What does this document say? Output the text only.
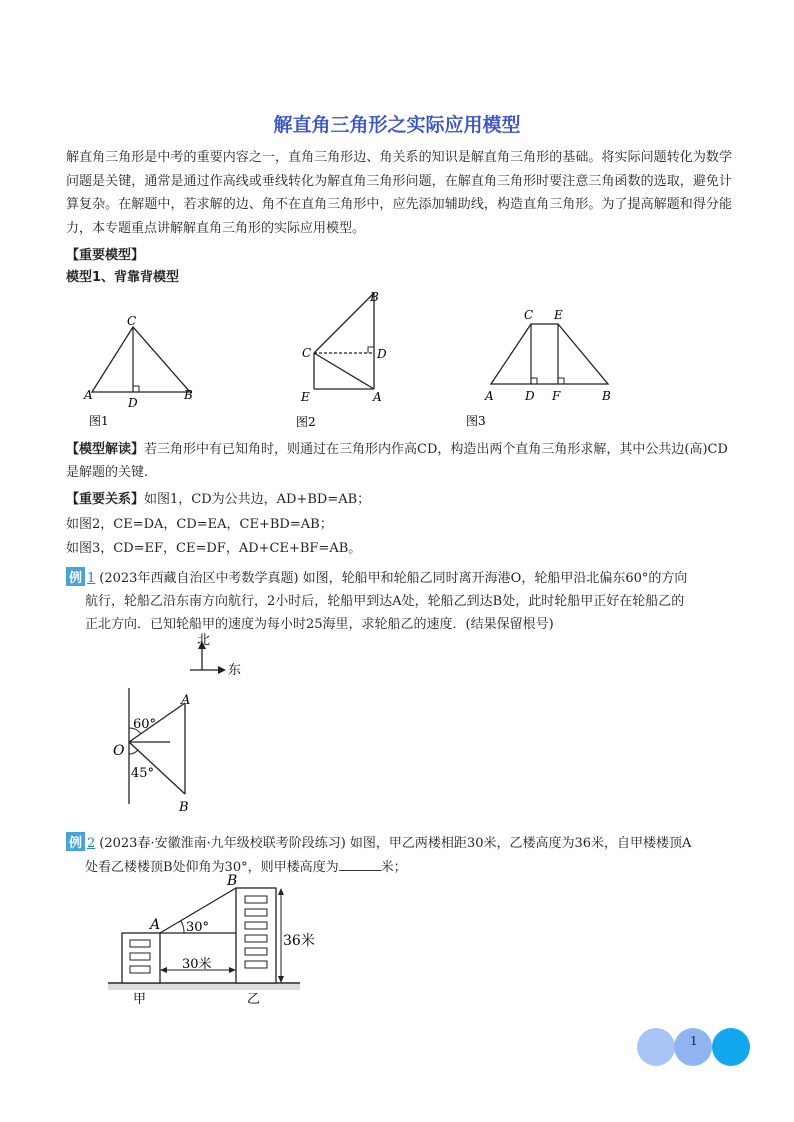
解直角三角形之实际应用模型

解直角三角形是中考的重要内容之一，直角三角形边、角关系的知识是解直角三角形的基础。将实际问题转化为数学问题是关键，通常是通过作高线或垂线转化为解直角三角形问题，在解直角三角形时要注意三角函数的选取，避免计算复杂。在解题中，若求解的边、角不在直角三角形中，应先添加辅助线，构造直角三角形。为了提高解题和得分能力，本专题重点讲解解直角三角形的实际应用模型。

【重要模型】
模型1、背靠背模型
C
A	B
D
图1
B
C	D
E	A
图2
C E
A	D F	B
图3
【模型解读】若三角形中有已知角时，则通过在三角形内作高CD，构造出两个直角三角形求解，其中公共边(高)CD是解题的关键.
【重要关系】如图1，CD为公共边，AD+BD=AB；
如图2，CE=DA，CD=EA，CE+BD=AB；
如图3，CD=EF，CE=DF，AD+CE+BF=AB。
例 1 (2023年西藏自治区中考数学真题) 如图，轮船甲和轮船乙同时离开海港O，轮船甲沿北偏东60°的方向
航行，轮船乙沿东南方向航行，2小时后，轮船甲到达A处，轮船乙到达B处，此时轮船甲正好在轮船乙的
正北方向．已知轮船甲的速度为每小时25海里，求轮船乙的速度．(结果保留根号)
北
东
60°
45°
O
A
B
例 2 (2023春·安徽淮南·九年级校联考阶段练习) 如图，甲乙两楼相距30米，乙楼高度为36米，自甲楼楼顶A
处看乙楼楼顶B处仰角为30°，则甲楼高度为	米；
A
B
30°
30米
36米
甲	乙
1
